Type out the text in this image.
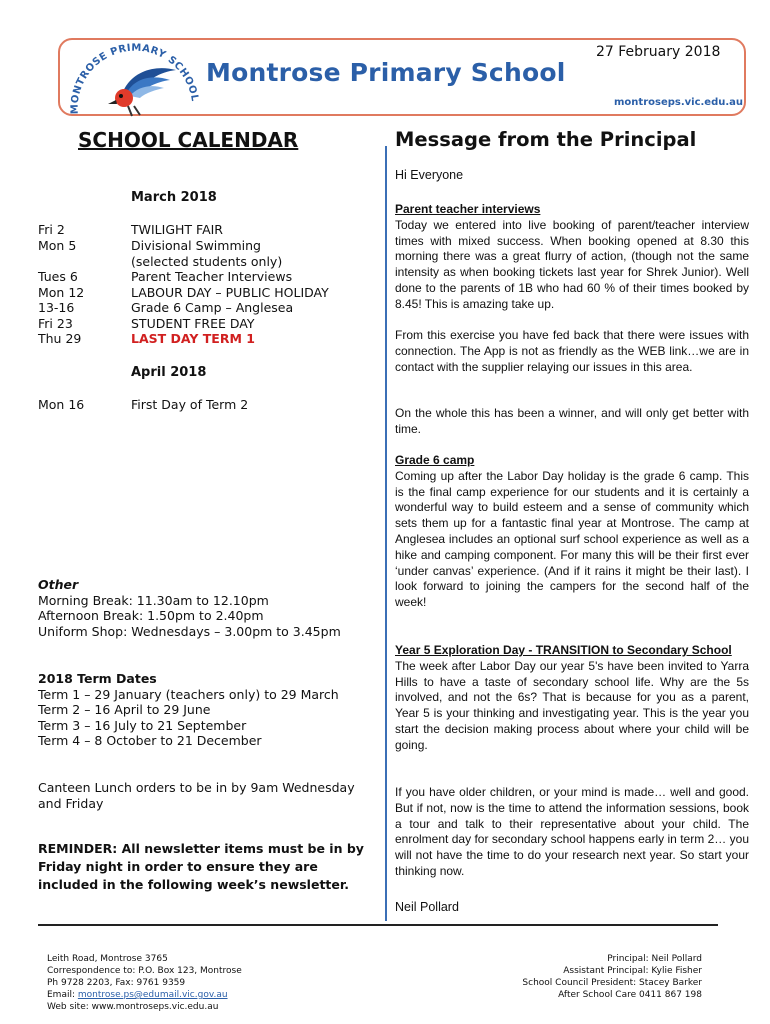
MONTROSE PRIMARY SCHOOL
Montrose Primary School
27 February 2018
montroseps.vic.edu.au
SCHOOL CALENDAR
March 2018
Fri 2	TWILIGHT FAIR
Mon 5	Divisional Swimming
(selected students only)
Tues 6	Parent Teacher Interviews
Mon 12	LABOUR DAY – PUBLIC HOLIDAY
13-16	Grade 6 Camp – Anglesea
Fri 23	STUDENT FREE DAY
Thu 29	LAST DAY TERM 1
April 2018
Mon 16	First Day of Term 2
Other
Morning Break: 11.30am to 12.10pm
Afternoon Break: 1.50pm to 2.40pm
Uniform Shop: Wednesdays – 3.00pm to 3.45pm
2018 Term Dates
Term 1 – 29 January (teachers only) to 29 March
Term 2 – 16 April to 29 June
Term 3 – 16 July to 21 September
Term 4 – 8 October to 21 December
Canteen Lunch orders to be in by 9am Wednesday
and Friday
REMINDER: All newsletter items must be in by
Friday night in order to ensure they are
included in the following week’s newsletter.
Message from the Principal
Hi Everyone
Parent teacher interviews
Today we entered into live booking of parent/teacher interview times with mixed success. When booking opened at 8.30 this morning there was a great flurry of action, (though not the same intensity as when booking tickets last year for Shrek Junior). Well done to the parents of 1B who had 60 % of their times booked by 8.45! This is amazing take up.
From this exercise you have fed back that there were issues with connection. The App is not as friendly as the WEB link…we are in contact with the supplier relaying our issues in this area.
On the whole this has been a winner, and will only get better with time.
Grade 6 camp
Coming up after the Labor Day holiday is the grade 6 camp. This is the final camp experience for our students and it is certainly a wonderful way to build esteem and a sense of community which sets them up for a fantastic final year at Montrose. The camp at Anglesea includes an optional surf school experience as well as a hike and camping component. For many this will be their first ever ‘under canvas’ experience. (And if it rains it might be their last). I look forward to joining the campers for the second half of the week!
Year 5 Exploration Day - TRANSITION to Secondary School
The week after Labor Day our year 5's have been invited to Yarra Hills to have a taste of secondary school life. Why are the 5s involved, and not the 6s? That is because for you as a parent, Year 5 is your thinking and investigating year. This is the year you start the decision making process about where your child will be going.
If you have older children, or your mind is made… well and good. But if not, now is the time to attend the information sessions, book a tour and talk to their representative about your child. The enrolment day for secondary school happens early in term 2… you will not have the time to do your research next year. So start your thinking now.
Neil Pollard
Leith Road, Montrose 3765
Correspondence to: P.O. Box 123, Montrose
Ph 9728 2203, Fax: 9761 9359
Email: montrose.ps@edumail.vic.gov.au
Web site: www.montroseps.vic.edu.au
Principal: Neil Pollard
Assistant Principal: Kylie Fisher
School Council President: Stacey Barker
After School Care 0411 867 198
